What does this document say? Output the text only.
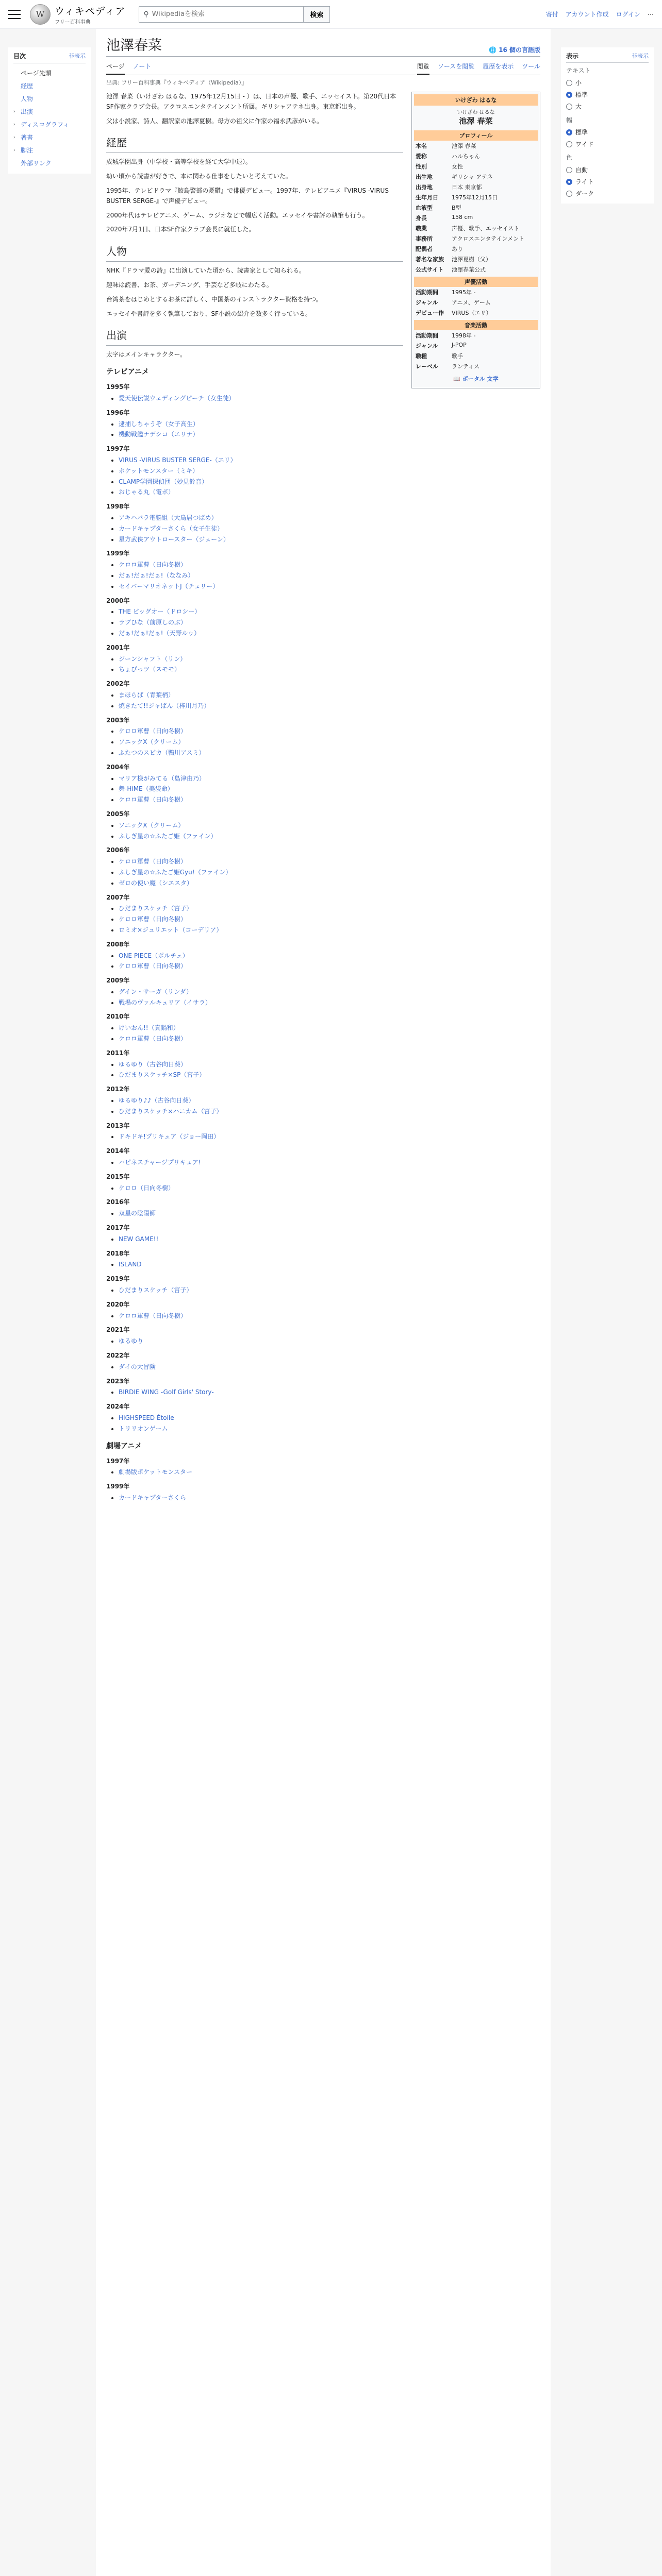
W	ウィキペディア
フリー百科事典
⚲
Wikipediaを検索	検索	寄付 アカウント作成 ログイン ⋯
目次	非表示
ページ先頭
経歴
人物
› 出演
› ディスコグラフィ
› 著書
› 脚注
外部リンク
池澤春菜	🌐 16 個の言語版
ページ ノート	閲覧 ソースを閲覧 履歴を表示 ツール
出典: フリー百科事典『ウィキペディア（Wikipedia）』

池澤 春菜（いけざわ はるな、1975年12月15日 - ）は、日本の声優、歌手、エッセイスト。第20代日本SF作家クラブ会長。アクロスエンタテインメント所属。ギリシャアテネ出身。東京都出身。

父は小説家、詩人、翻訳家の池澤夏樹。母方の祖父に作家の福永武彦がいる。

経歴

成城学園出身（中学校・高等学校を経て大学中退）。

幼い頃から読書が好きで、本に関わる仕事をしたいと考えていた。

1995年、テレビドラマ『鮫島警部の憂鬱』で俳優デビュー。1997年、テレビアニメ『VIRUS -VIRUS BUSTER SERGE-』で声優デビュー。

2000年代はテレビアニメ、ゲーム、ラジオなどで幅広く活動。エッセイや書評の執筆も行う。

2020年7月1日、日本SF作家クラブ会長に就任した。

人物

NHK『ドラマ愛の詩』に出演していた頃から、読書家として知られる。

趣味は読書、お茶、ガーデニング、手芸など多岐にわたる。

台湾茶をはじめとするお茶に詳しく、中国茶のインストラクター資格を持つ。

エッセイや書評を多く執筆しており、SF小説の紹介を数多く行っている。

出演

太字はメインキャラクター。

テレビアニメ
1995年
• 愛天使伝説ウェディングピーチ（女生徒）
1996年
• 逮捕しちゃうぞ（女子高生）
• 機動戦艦ナデシコ（エリナ）
1997年
• VIRUS -VIRUS BUSTER SERGE-（エリ）
• ポケットモンスター（ミキ）
• CLAMP学園探偵団（妙見鈴音）
• おじゃる丸（電ボ）
1998年
• アキハバラ電脳組（大鳥居つばめ）
• カードキャプターさくら（女子生徒）
• 星方武侠アウトロースター（ジェーン）
1999年
• ケロロ軍曹（日向冬樹）
• だぁ!だぁ!だぁ!（ななみ）
• セイバーマリオネットJ（チェリー）
2000年
• THE ビッグオー（ドロシー）
• ラブひな（前原しのぶ）
• だぁ!だぁ!だぁ!（天野ルゥ）
2001年
• ジーンシャフト（リン）
• ちょびっツ（スモモ）
2002年
• まほらば（青葉梢）
• 焼きたて!!ジャぱん（梓川月乃）
2003年
• ケロロ軍曹（日向冬樹）
• ソニックX（クリーム）
• ふたつのスピカ（鴨川アスミ）
2004年
• マリア様がみてる（島津由乃）
• 舞-HiME（美袋命）
• ケロロ軍曹（日向冬樹）
2005年
• ソニックX（クリーム）
• ふしぎ星の☆ふたご姫（ファイン）
2006年
• ケロロ軍曹（日向冬樹）
• ふしぎ星の☆ふたご姫Gyu!（ファイン）
• ゼロの使い魔（シエスタ）
2007年
• ひだまりスケッチ（宮子）
• ケロロ軍曹（日向冬樹）
• ロミオ×ジュリエット（コーデリア）
2008年
• ONE PIECE（ポルチェ）
• ケロロ軍曹（日向冬樹）
2009年
• グイン・サーガ（リンダ）
• 戦場のヴァルキュリア（イサラ）
2010年
• けいおん!!（真鍋和）
• ケロロ軍曹（日向冬樹）
2011年
• ゆるゆり（古谷向日葵）
• ひだまりスケッチ×SP（宮子）
2012年
• ゆるゆり♪♪（古谷向日葵）
• ひだまりスケッチ×ハニカム（宮子）
2013年
• ドキドキ!プリキュア（ジョー岡田）
2014年
• ハピネスチャージプリキュア!
2015年
• ケロロ（日向冬樹）
2016年
• 双星の陰陽師
2017年
• NEW GAME!!
2018年
• ISLAND
2019年
• ひだまりスケッチ（宮子）
2020年
• ケロロ軍曹（日向冬樹）
2021年
• ゆるゆり
2022年
• ダイの大冒険
2023年
• BIRDIE WING -Golf Girls' Story-
2024年
• HIGHSPEED Étoile
• トリリオンゲーム
劇場アニメ
1997年
• 劇場版ポケットモンスター
1999年
• カードキャプターさくら
いけざわ はるな
いけざわ はるな
池澤 春菜
プロフィール
本名	池澤 春菜
愛称	ハルちゃん
性別	女性
出生地	ギリシャ アテネ
出身地	日本 東京都
生年月日	1975年12月15日
血液型	B型
身長	158 cm
職業	声優、歌手、エッセイスト
事務所	アクロスエンタテインメント
配偶者	あり
著名な家族	池澤夏樹（父）
公式サイト	池澤春菜公式
声優活動
活動期間	1995年 -
ジャンル	アニメ、ゲーム
デビュー作	VIRUS（エリ）
音楽活動
活動期間	1998年 -
ジャンル	J-POP
職種	歌手
レーベル	ランティス
📖 ポータル 文学
表示	非表示
テキスト
小
標準
大
幅
標準
ワイド
色
自動
ライト
ダーク
